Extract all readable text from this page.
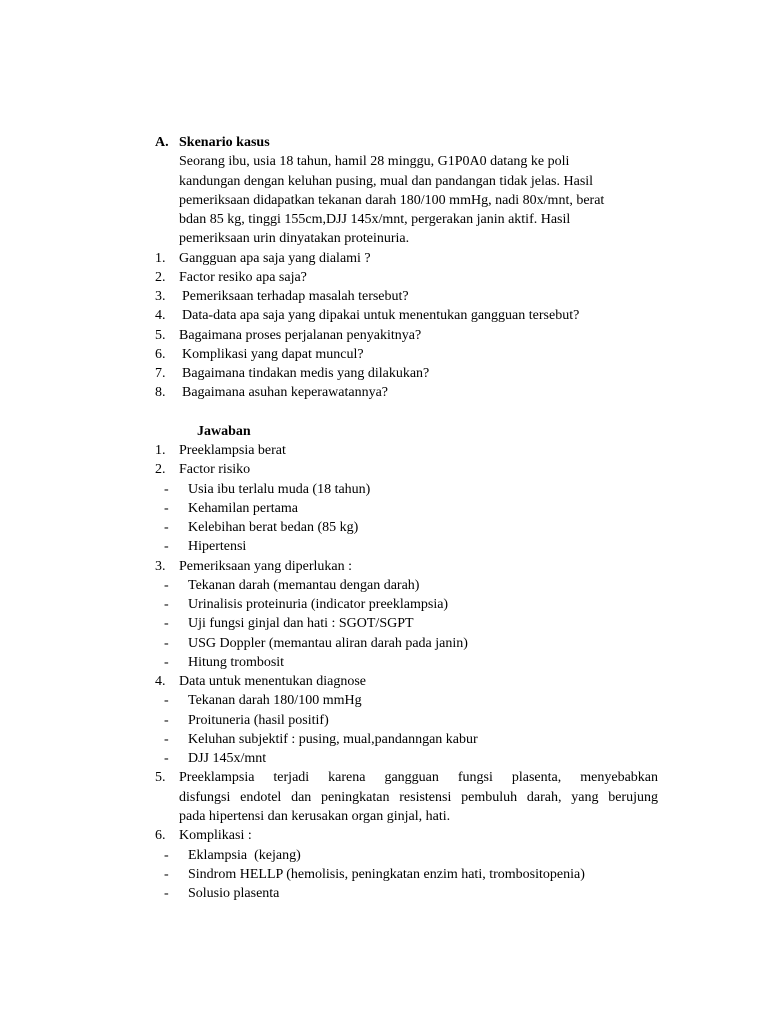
A. Skenario kasus
Seorang ibu, usia 18 tahun, hamil 28 minggu, G1P0A0 datang ke poli
kandungan dengan keluhan pusing, mual dan pandangan tidak jelas. Hasil
pemeriksaan didapatkan tekanan darah 180/100 mmHg, nadi 80x/mnt, berat
bdan 85 kg, tinggi 155cm,DJJ 145x/mnt, pergerakan janin aktif. Hasil
pemeriksaan urin dinyatakan proteinuria.
1. Gangguan apa saja yang dialami ?
2. Factor resiko apa saja?
3. Pemeriksaan terhadap masalah tersebut?
4. Data-data apa saja yang dipakai untuk menentukan gangguan tersebut?
5. Bagaimana proses perjalanan penyakitnya?
6. Komplikasi yang dapat muncul?
7. Bagaimana tindakan medis yang dilakukan?
8. Bagaimana asuhan keperawatannya?
Jawaban
1. Preeklampsia berat
2. Factor risiko
- Usia ibu terlalu muda (18 tahun)
- Kehamilan pertama
- Kelebihan berat bedan (85 kg)
- Hipertensi
3. Pemeriksaan yang diperlukan :
- Tekanan darah (memantau dengan darah)
- Urinalisis proteinuria (indicator preeklampsia)
- Uji fungsi ginjal dan hati : SGOT/SGPT
- USG Doppler (memantau aliran darah pada janin)
- Hitung trombosit
4. Data untuk menentukan diagnose
- Tekanan darah 180/100 mmHg
- Proituneria (hasil positif)
- Keluhan subjektif : pusing, mual,pandanngan kabur
- DJJ 145x/mnt
5. Preeklampsia terjadi karena gangguan fungsi plasenta, menyebabkan
disfungsi endotel dan peningkatan resistensi pembuluh darah, yang berujung
pada hipertensi dan kerusakan organ ginjal, hati.
6. Komplikasi :
- Eklampsia  (kejang)
- Sindrom HELLP (hemolisis, peningkatan enzim hati, trombositopenia)
- Solusio plasenta
